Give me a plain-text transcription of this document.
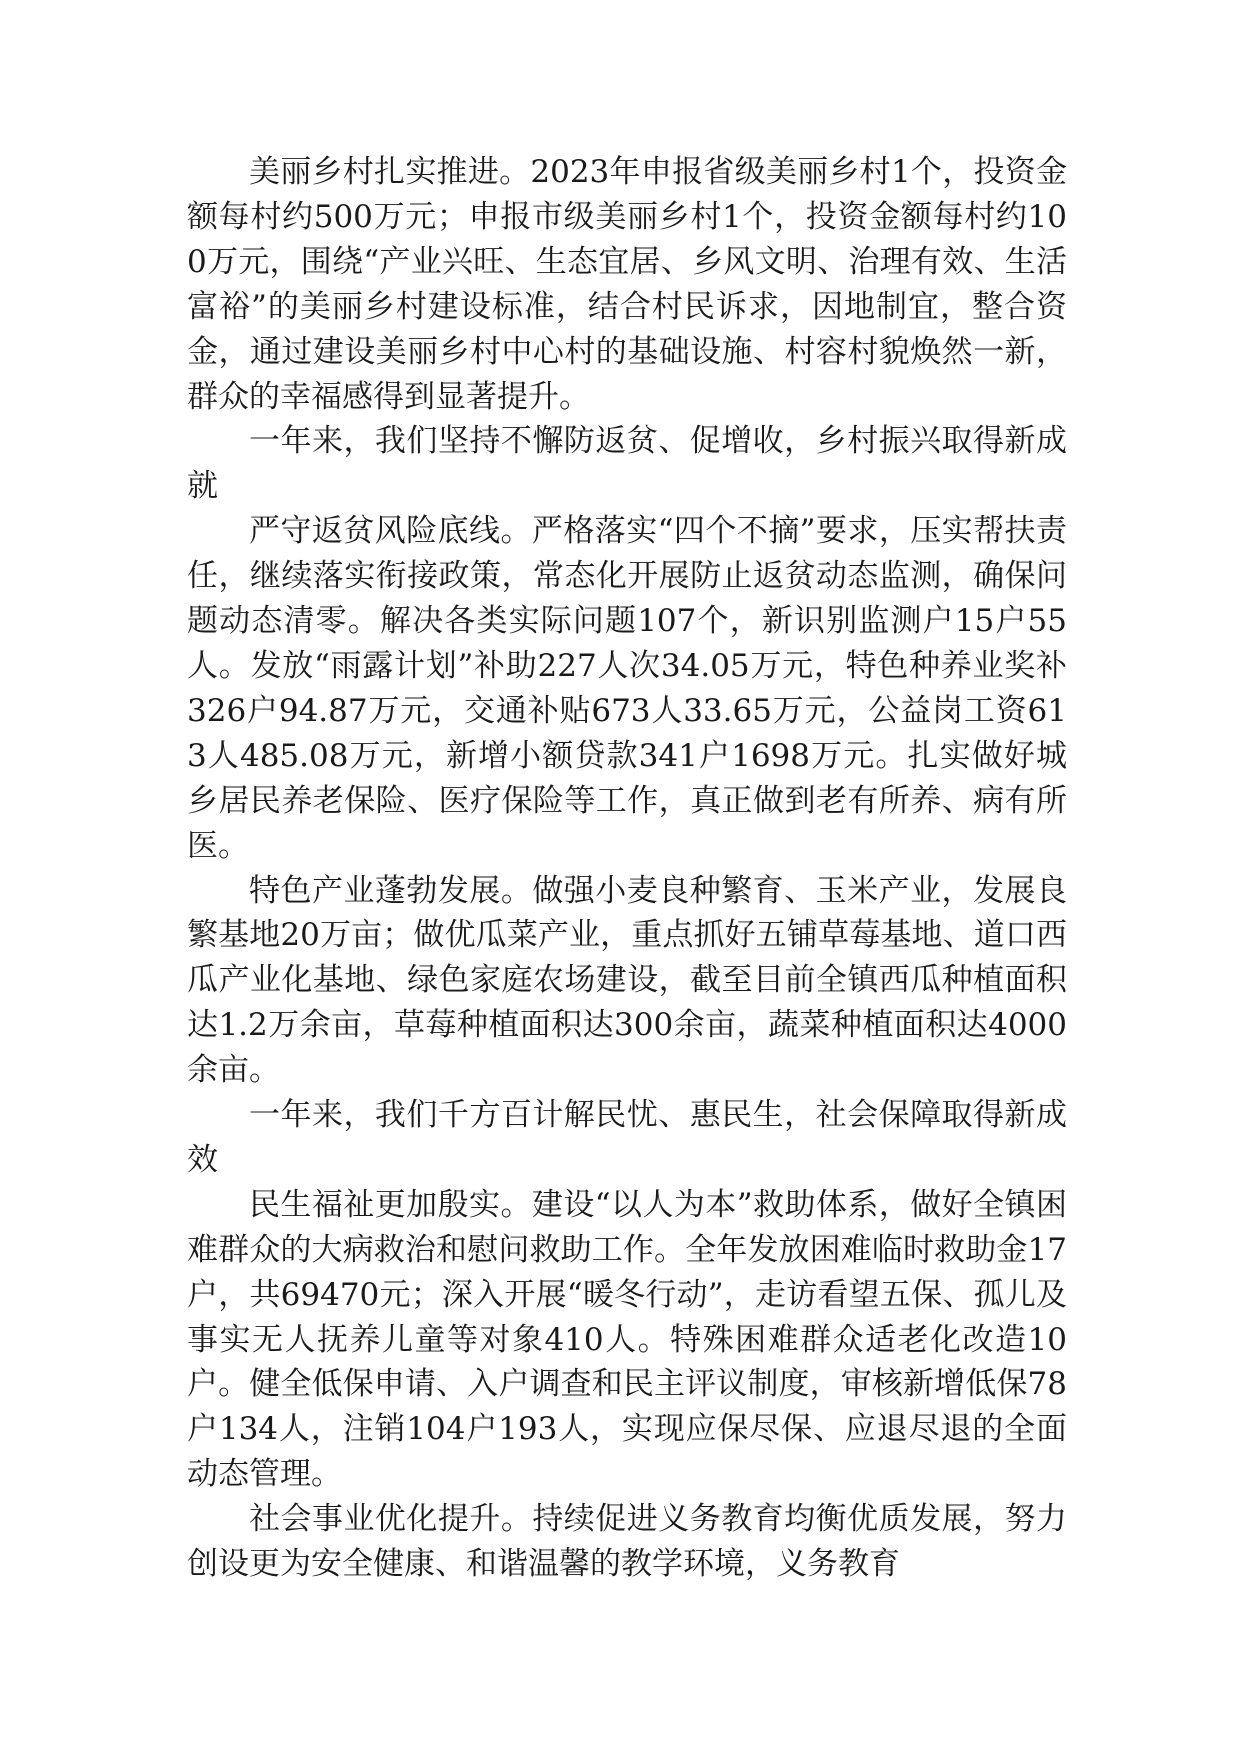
美丽乡村扎实推进。2023年申报省级美丽乡村1个，投资金额每村约500万元；申报市级美丽乡村1个，投资金额每村约100万元，围绕“产业兴旺、生态宜居、乡风文明、治理有效、生活富裕”的美丽乡村建设标准，结合村民诉求，因地制宜，整合资金，通过建设美丽乡村中心村的基础设施、村容村貌焕然一新，群众的幸福感得到显著提升。

一年来，我们坚持不懈防返贫、促增收，乡村振兴取得新成就

严守返贫风险底线。严格落实“四个不摘”要求，压实帮扶责任，继续落实衔接政策，常态化开展防止返贫动态监测，确保问题动态清零。解决各类实际问题107个，新识别监测户15户55人。发放“雨露计划”补助227人次34.05万元，特色种养业奖补326户94.87万元，交通补贴673人33.65万元，公益岗工资613人485.08万元，新增小额贷款341户1698万元。扎实做好城乡居民养老保险、医疗保险等工作，真正做到老有所养、病有所医。

特色产业蓬勃发展。做强小麦良种繁育、玉米产业，发展良繁基地20万亩；做优瓜菜产业，重点抓好五铺草莓基地、道口西瓜产业化基地、绿色家庭农场建设，截至目前全镇西瓜种植面积达1.2万余亩，草莓种植面积达300余亩，蔬菜种植面积达4000余亩。

一年来，我们千方百计解民忧、惠民生，社会保障取得新成效

民生福祉更加殷实。建设“以人为本”救助体系，做好全镇困难群众的大病救治和慰问救助工作。全年发放困难临时救助金17户，共69470元；深入开展“暖冬行动”，走访看望五保、孤儿及事实无人抚养儿童等对象410人。特殊困难群众适老化改造10户。健全低保申请、入户调查和民主评议制度，审核新增低保78户134人，注销104户193人，实现应保尽保、应退尽退的全面动态管理。

社会事业优化提升。持续促进义务教育均衡优质发展，努力创设更为安全健康、和谐温馨的教学环境，义务教育
